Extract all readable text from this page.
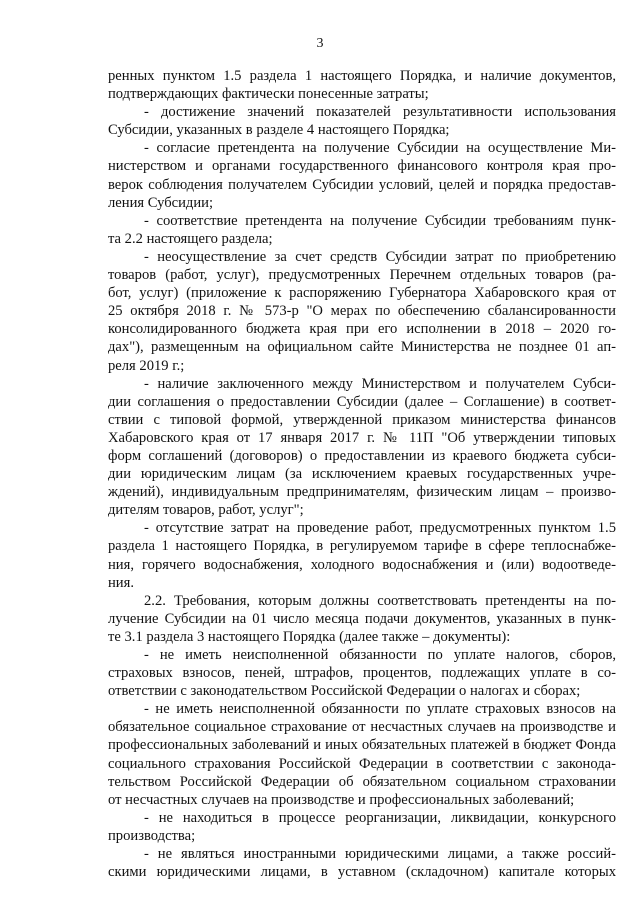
3
ренных пунктом 1.5 раздела 1 настоящего Порядка, и наличие документов,
подтверждающих фактически понесенные затраты;
- достижение значений показателей результативности использования
Субсидии, указанных в разделе 4 настоящего Порядка;
- согласие претендента на получение Субсидии на осуществление Ми-
нистерством и органами государственного финансового контроля края про-
верок соблюдения получателем Субсидии условий, целей и порядка предостав-
ления Субсидии;
- соответствие претендента на получение Субсидии требованиям пунк-
та 2.2 настоящего раздела;
- неосуществление за счет средств Субсидии затрат по приобретению
товаров (работ, услуг), предусмотренных Перечнем отдельных товаров (ра-
бот, услуг) (приложение к распоряжению Губернатора Хабаровского края от
25 октября 2018 г. № 573-р "О мерах по обеспечению сбалансированности
консолидированного бюджета края при его исполнении в 2018 – 2020 го-
дах"), размещенным на официальном сайте Министерства не позднее 01 ап-
реля 2019 г.;
- наличие заключенного между Министерством и получателем Субси-
дии соглашения о предоставлении Субсидии (далее – Соглашение) в соответ-
ствии с типовой формой, утвержденной приказом министерства финансов
Хабаровского края от 17 января 2017 г. № 11П "Об утверждении типовых
форм соглашений (договоров) о предоставлении из краевого бюджета субси-
дии юридическим лицам (за исключением краевых государственных учре-
ждений), индивидуальным предпринимателям, физическим лицам – произво-
дителям товаров, работ, услуг";
- отсутствие затрат на проведение работ, предусмотренных пунктом 1.5
раздела 1 настоящего Порядка, в регулируемом тарифе в сфере теплоснабже-
ния, горячего водоснабжения, холодного водоснабжения и (или) водоотведе-
ния.
2.2. Требования, которым должны соответствовать претенденты на по-
лучение Субсидии на 01 число месяца подачи документов, указанных в пунк-
те 3.1 раздела 3 настоящего Порядка (далее также – документы):
- не иметь неисполненной обязанности по уплате налогов, сборов,
страховых взносов, пеней, штрафов, процентов, подлежащих уплате в со-
ответствии с законодательством Российской Федерации о налогах и сборах;
- не иметь неисполненной обязанности по уплате страховых взносов на
обязательное социальное страхование от несчастных случаев на производстве и
профессиональных заболеваний и иных обязательных платежей в бюджет Фонда
социального страхования Российской Федерации в соответствии с законода-
тельством Российской Федерации об обязательном социальном страховании
от несчастных случаев на производстве и профессиональных заболеваний;
- не находиться в процессе реорганизации, ликвидации, конкурсного
производства;
- не являться иностранными юридическими лицами, а также россий-
скими юридическими лицами, в уставном (складочном) капитале которых
